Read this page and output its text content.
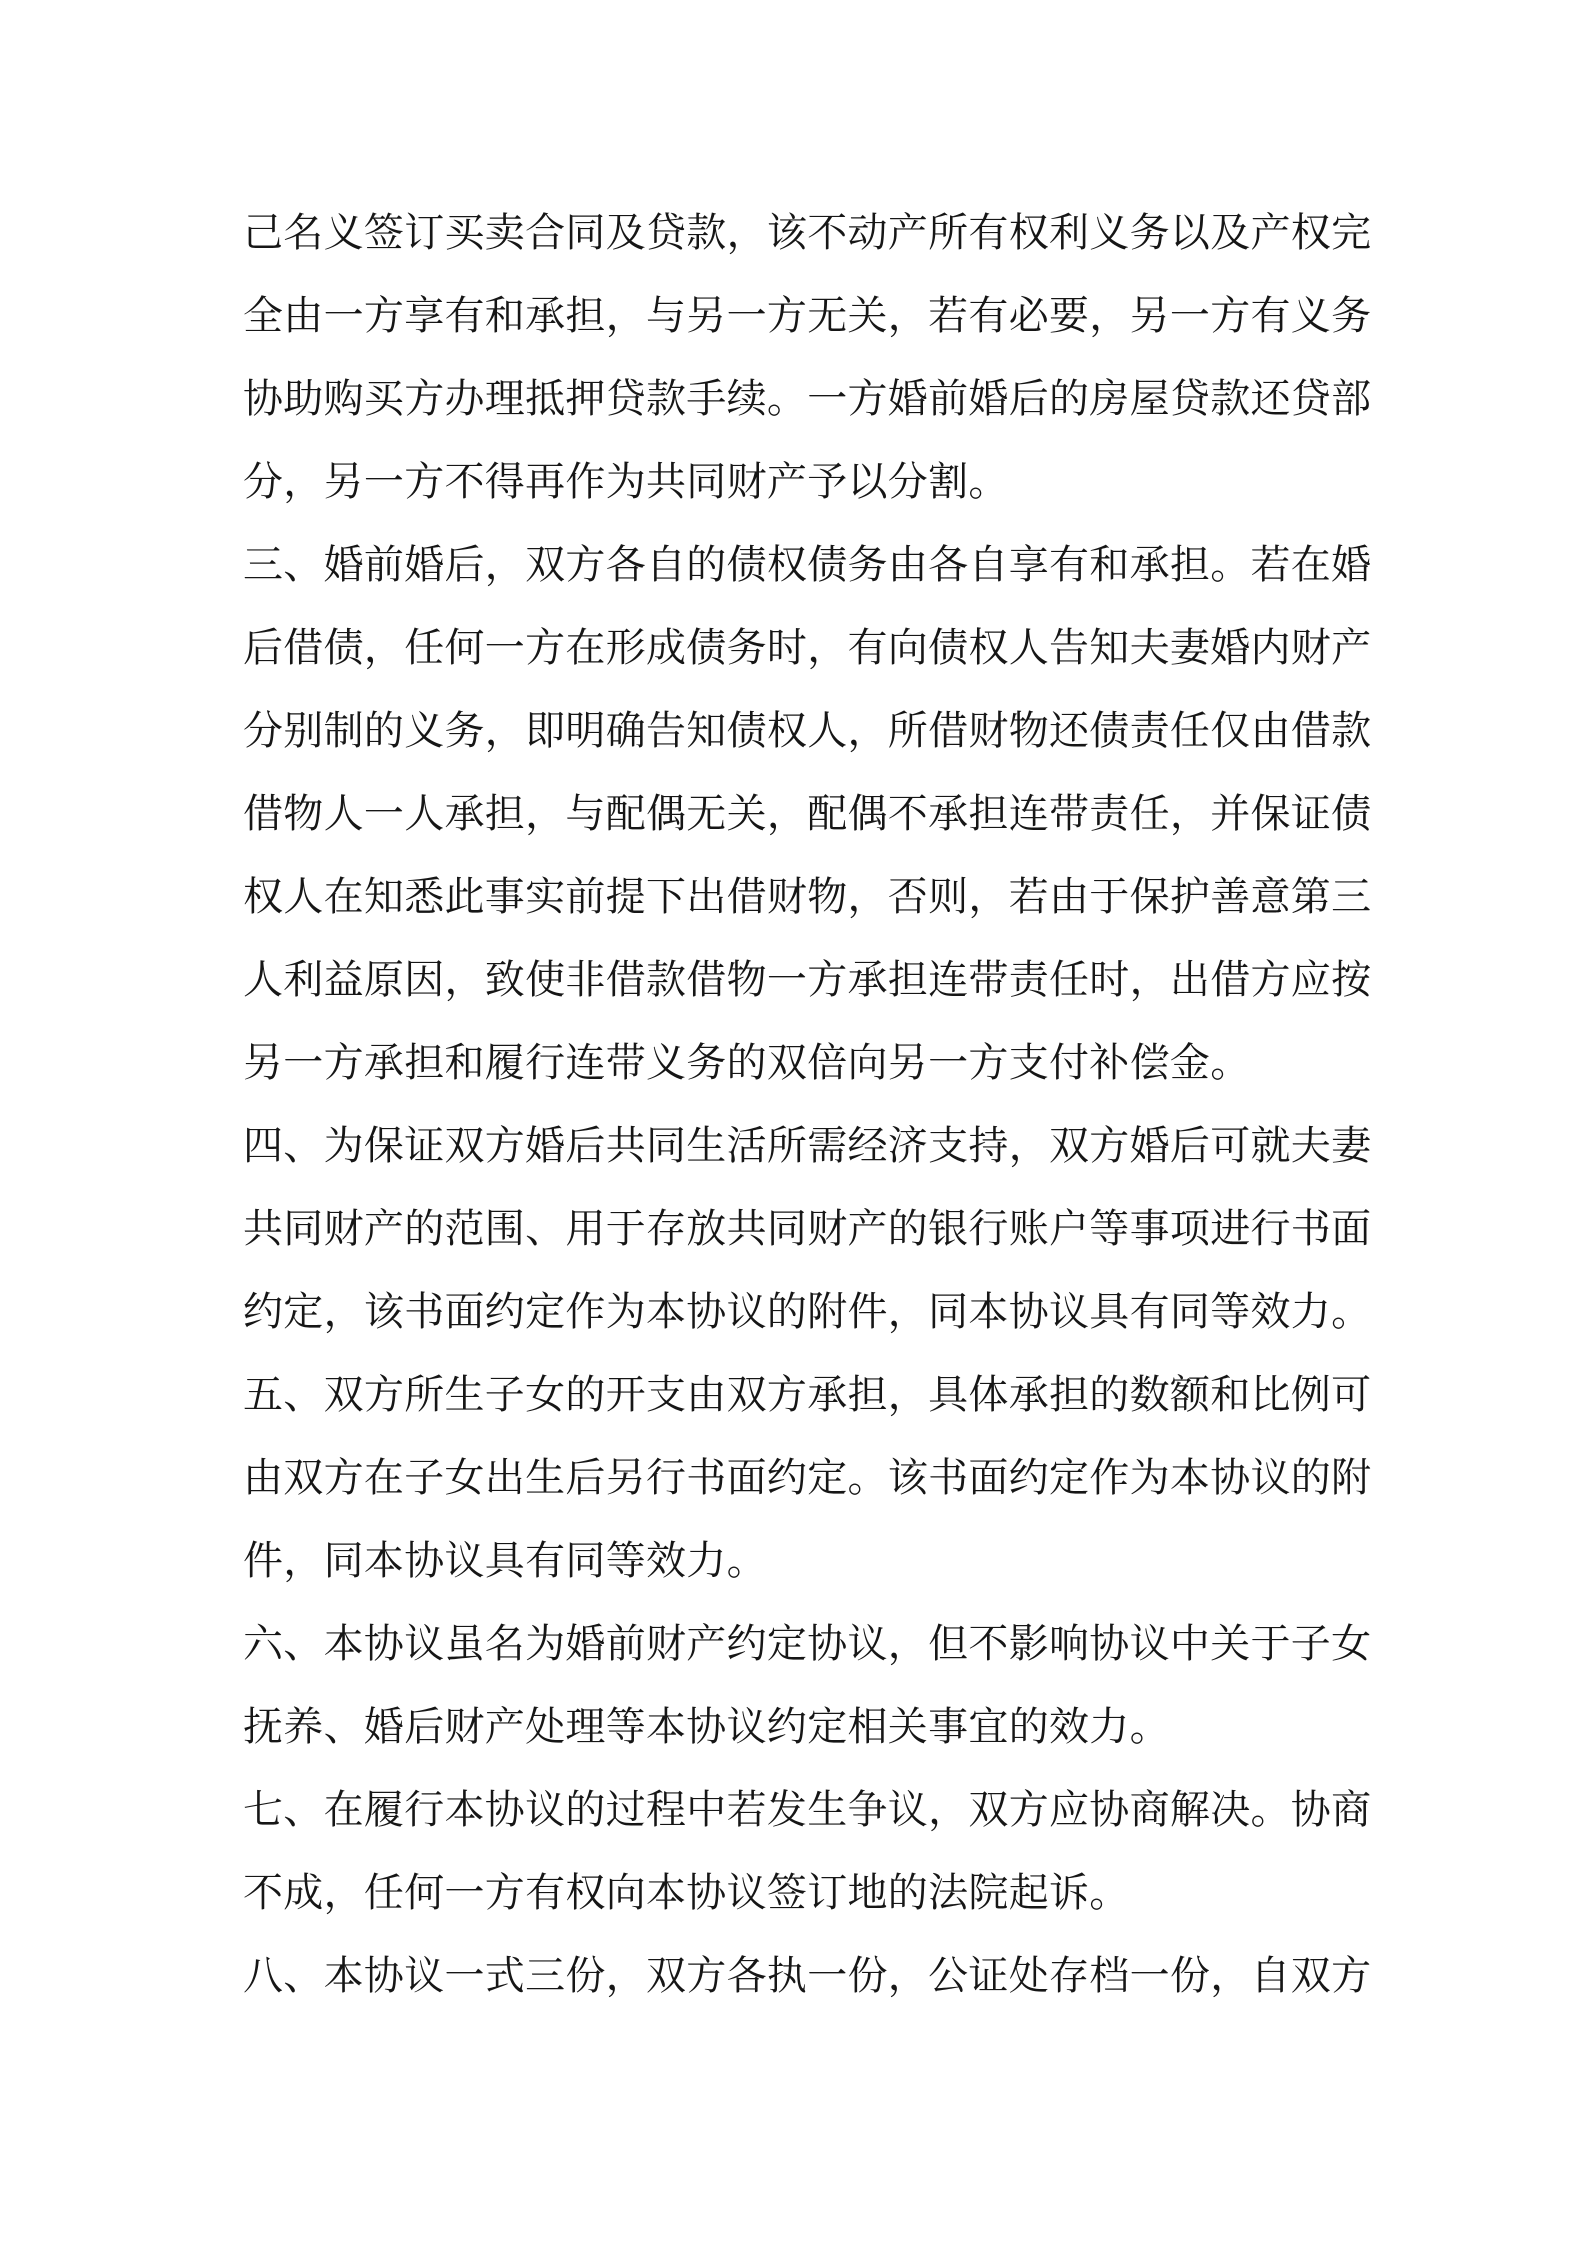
己名义签订买卖合同及贷款，该不动产所有权利义务以及产权完
全由一方享有和承担，与另一方无关，若有必要，另一方有义务
协助购买方办理抵押贷款手续。一方婚前婚后的房屋贷款还贷部
分，另一方不得再作为共同财产予以分割。
三、婚前婚后，双方各自的债权债务由各自享有和承担。若在婚
后借债，任何一方在形成债务时，有向债权人告知夫妻婚内财产
分别制的义务，即明确告知债权人，所借财物还债责任仅由借款
借物人一人承担，与配偶无关，配偶不承担连带责任，并保证债
权人在知悉此事实前提下出借财物，否则，若由于保护善意第三
人利益原因，致使非借款借物一方承担连带责任时，出借方应按
另一方承担和履行连带义务的双倍向另一方支付补偿金。
四、为保证双方婚后共同生活所需经济支持，双方婚后可就夫妻
共同财产的范围、用于存放共同财产的银行账户等事项进行书面
约定，该书面约定作为本协议的附件，同本协议具有同等效力。
五、双方所生子女的开支由双方承担，具体承担的数额和比例可
由双方在子女出生后另行书面约定。该书面约定作为本协议的附
件，同本协议具有同等效力。
六、本协议虽名为婚前财产约定协议，但不影响协议中关于子女
抚养、婚后财产处理等本协议约定相关事宜的效力。
七、在履行本协议的过程中若发生争议，双方应协商解决。协商
不成，任何一方有权向本协议签订地的法院起诉。
八、本协议一式三份，双方各执一份，公证处存档一份，自双方
